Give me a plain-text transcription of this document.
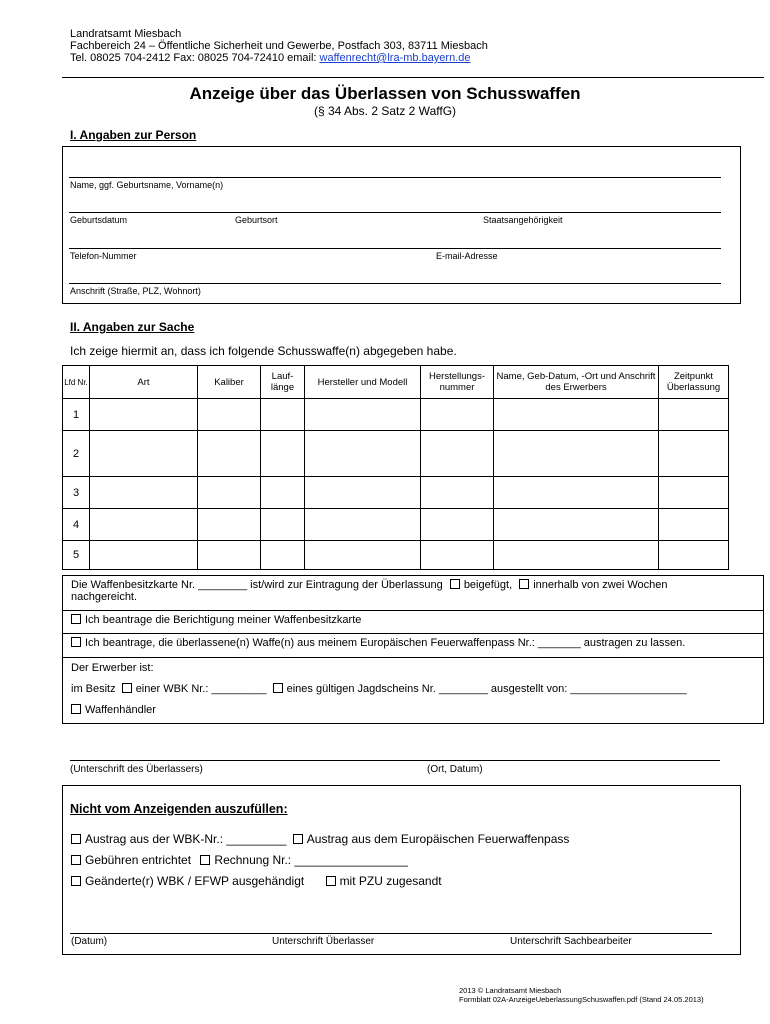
Landratsamt Miesbach
Fachbereich 24 – Öffentliche Sicherheit und Gewerbe, Postfach 303, 83711 Miesbach
Tel. 08025 704-2412 Fax: 08025 704-72410 email: waffenrecht@lra-mb.bayern.de
Anzeige über das Überlassen von Schusswaffen
(§ 34 Abs. 2 Satz 2 WaffG)
I. Angaben zur Person
Name, ggf. Geburtsname, Vorname(n)
Geburtsdatum	Geburtsort	Staatsangehörigkeit
Telefon-Nummer	E-mail-Adresse
Anschrift (Straße, PLZ, Wohnort)
II. Angaben zur Sache
Ich zeige hiermit an, dass ich folgende Schusswaffe(n) abgegeben habe.
Lfd Nr.	Art	Kaliber	Lauf- länge	Hersteller und Modell	Herstellungs- nummer	Name, Geb-Datum, -Ort und Anschrift des Erwerbers	Zeitpunkt Überlassung
1							
2							
3							
4							
5							
Die Waffenbesitzkarte Nr. ________ ist/wird zur Eintragung der Überlassung beigefügt, innerhalb von zwei Wochen
nachgereicht.
Ich beantrage die Berichtigung meiner Waffenbesitzkarte
Ich beantrage, die überlassene(n) Waffe(n) aus meinem Europäischen Feuerwaffenpass Nr.: _______ austragen zu lassen.
Der Erwerber ist:
im Besitz einer WBK Nr.: _________ eines gültigen Jagdscheins Nr. ________ ausgestellt von: ___________________
Waffenhändler
(Unterschrift des Überlassers)	(Ort, Datum)
Nicht vom Anzeigenden auszufüllen:
Austrag aus der WBK-Nr.: _________ Austrag aus dem Europäischen Feuerwaffenpass
Gebühren entrichtet Rechnung Nr.: _________________
Geänderte(r) WBK / EFWP ausgehändigt	mit PZU zugesandt
(Datum)	Unterschrift Überlasser	Unterschrift Sachbearbeiter
2013 © Landratsamt Miesbach
Formblatt 02A-AnzeigeUeberlassungSchuswaffen.pdf (Stand 24.05.2013)
